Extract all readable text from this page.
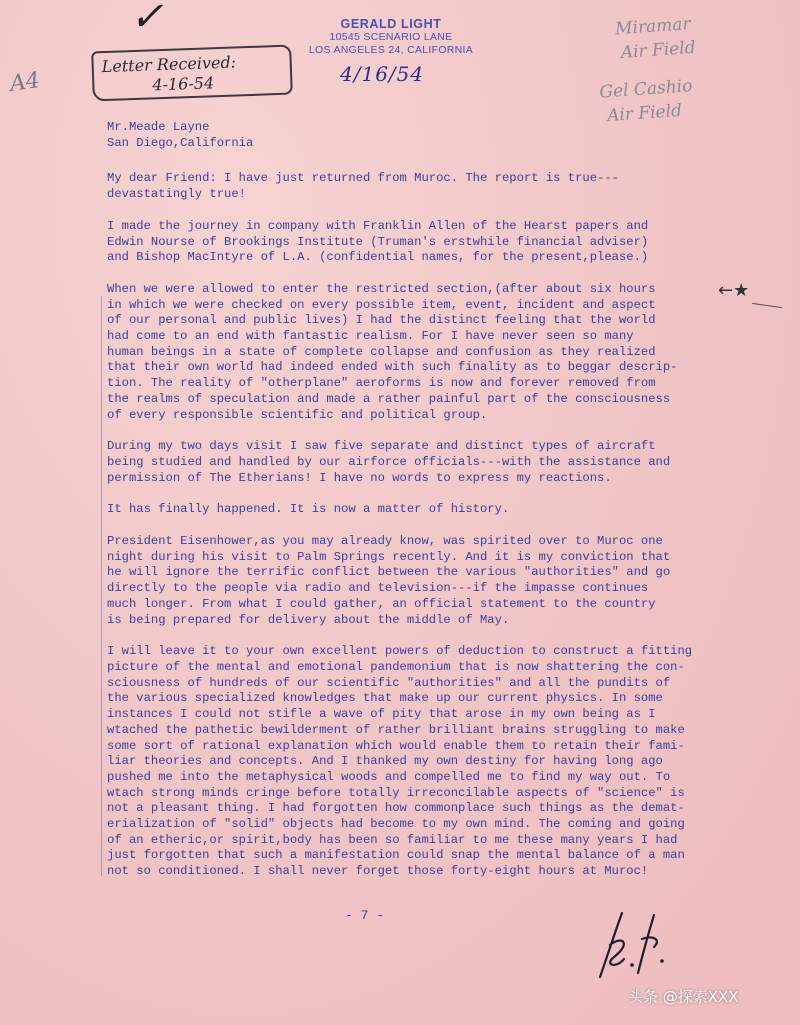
✓	GERALD LIGHT
10545 SCENARIO LANE
LOS ANGELES 24, CALIFORNIA
A4
Letter Received:
4-16-54	4/16/54
Miramar
Air Field
Gel Cashio
Air Field
←★

Mr.Meade Layne

San Diego,California

My dear Friend: I have just returned from Muroc. The report is true---
devastatingly true!

I made the journey in company with Franklin Allen of the Hearst papers and
Edwin Nourse of Brookings Institute (Truman's erstwhile financial adviser)
and Bishop MacIntyre of L.A. (confidential names, for the present,please.)

When we were allowed to enter the restricted section,(after about six hours
in which we were checked on every possible item, event, incident and aspect
of our personal and public lives) I had the distinct feeling that the world
had come to an end with fantastic realism. For I have never seen so many
human beings in a state of complete collapse and confusion as they realized
that their own world had indeed ended with such finality as to beggar descrip-
tion. The reality of "otherplane" aeroforms is now and forever removed from
the realms of speculation and made a rather painful part of the consciousness
of every responsible scientific and political group.

During my two days visit I saw five separate and distinct types of aircraft
being studied and handled by our airforce officials---with the assistance and
permission of The Etherians! I have no words to express my reactions.

It has finally happened. It is now a matter of history.

President Eisenhower,as you may already know, was spirited over to Muroc one
night during his visit to Palm Springs recently. And it is my conviction that
he will ignore the terrific conflict between the various "authorities" and go
directly to the people via radio and television---if the impasse continues
much longer. From what I could gather, an official statement to the country
is being prepared for delivery about the middle of May.

I will leave it to your own excellent powers of deduction to construct a fitting
picture of the mental and emotional pandemonium that is now shattering the con-
sciousness of hundreds of our scientific "authorities" and all the pundits of
the various specialized knowledges that make up our current physics. In some
instances I could not stifle a wave of pity that arose in my own being as I
wtached the pathetic bewilderment of rather brilliant brains struggling to make
some sort of rational explanation which would enable them to retain their fami-
liar theories and concepts. And I thanked my own destiny for having long ago
pushed me into the metaphysical woods and compelled me to find my way out. To
wtach strong minds cringe before totally irreconcilable aspects of "science" is
not a pleasant thing. I had forgotten how commonplace such things as the demat-
erialization of "solid" objects had become to my own mind. The coming and going
of an etheric,or spirit,body has been so familiar to me these many years I had
just forgotten that such a manifestation could snap the mental balance of a man
not so conditioned. I shall never forget those forty-eight hours at Muroc!

- 7 -
头条 @探索XXX
